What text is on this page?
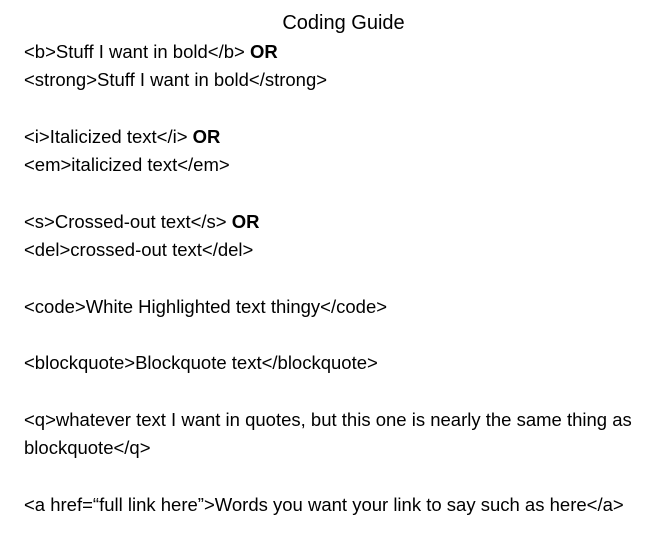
Coding Guide
<b>Stuff I want in bold</b> OR
<strong>Stuff I want in bold</strong>
<i>Italicized text</i> OR
<em>italicized text</em>
<s>Crossed-out text</s> OR
<del>crossed-out text</del>
<code>White Highlighted text thingy</code>
<blockquote>Blockquote text</blockquote>
<q>whatever text I want in quotes, but this one is nearly the same thing as blockquote</q>
<a href=“full link here”>Words you want your link to say such as here</a>
